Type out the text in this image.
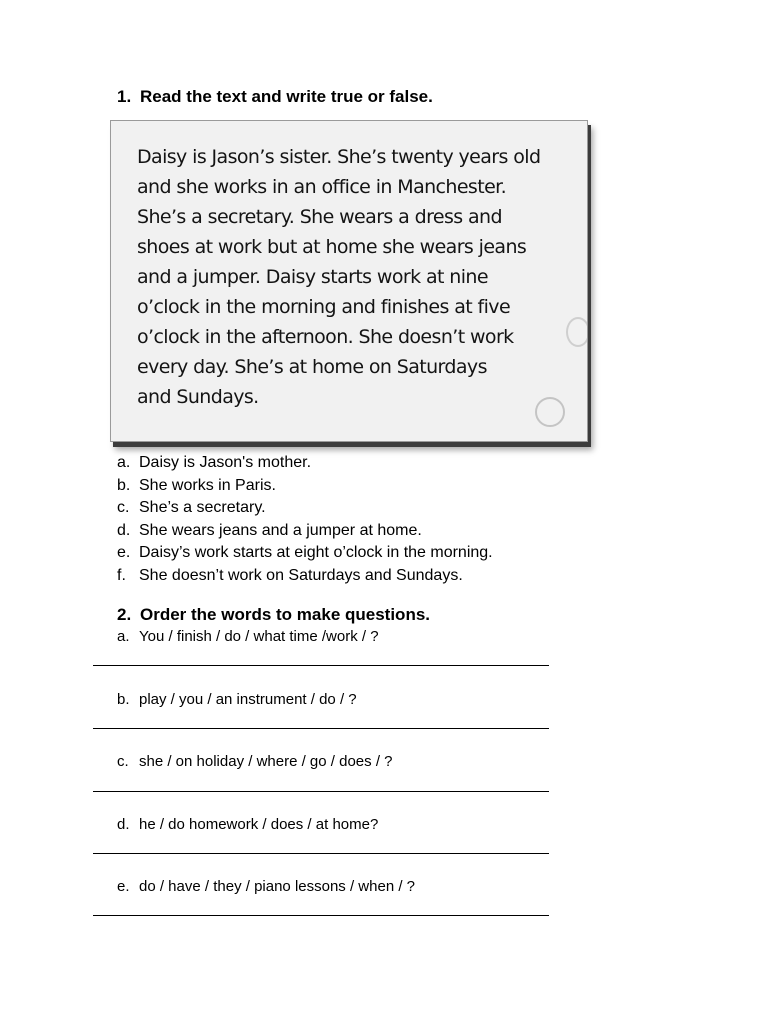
1. Read the text and write true or false.
Daisy is Jason’s sister. She’s twenty years old
and she works in an office in Manchester.
She’s a secretary. She wears a dress and
shoes at work but at home she wears jeans
and a jumper. Daisy starts work at nine
o’clock in the morning and finishes at five
o’clock in the afternoon. She doesn’t work
every day. She’s at home on Saturdays
and Sundays.
a. Daisy is Jason's mother.
b. She works in Paris.
c. She’s a secretary.
d. She wears jeans and a jumper at home.
e. Daisy’s work starts at eight o’clock in the morning.
f. She doesn’t work on Saturdays and Sundays.
2. Order the words to make questions.
a. You / finish / do / what time /work / ?
b. play / you / an instrument / do / ?
c. she / on holiday / where / go / does / ?
d. he / do homework / does / at home?
e. do / have / they / piano lessons / when / ?
